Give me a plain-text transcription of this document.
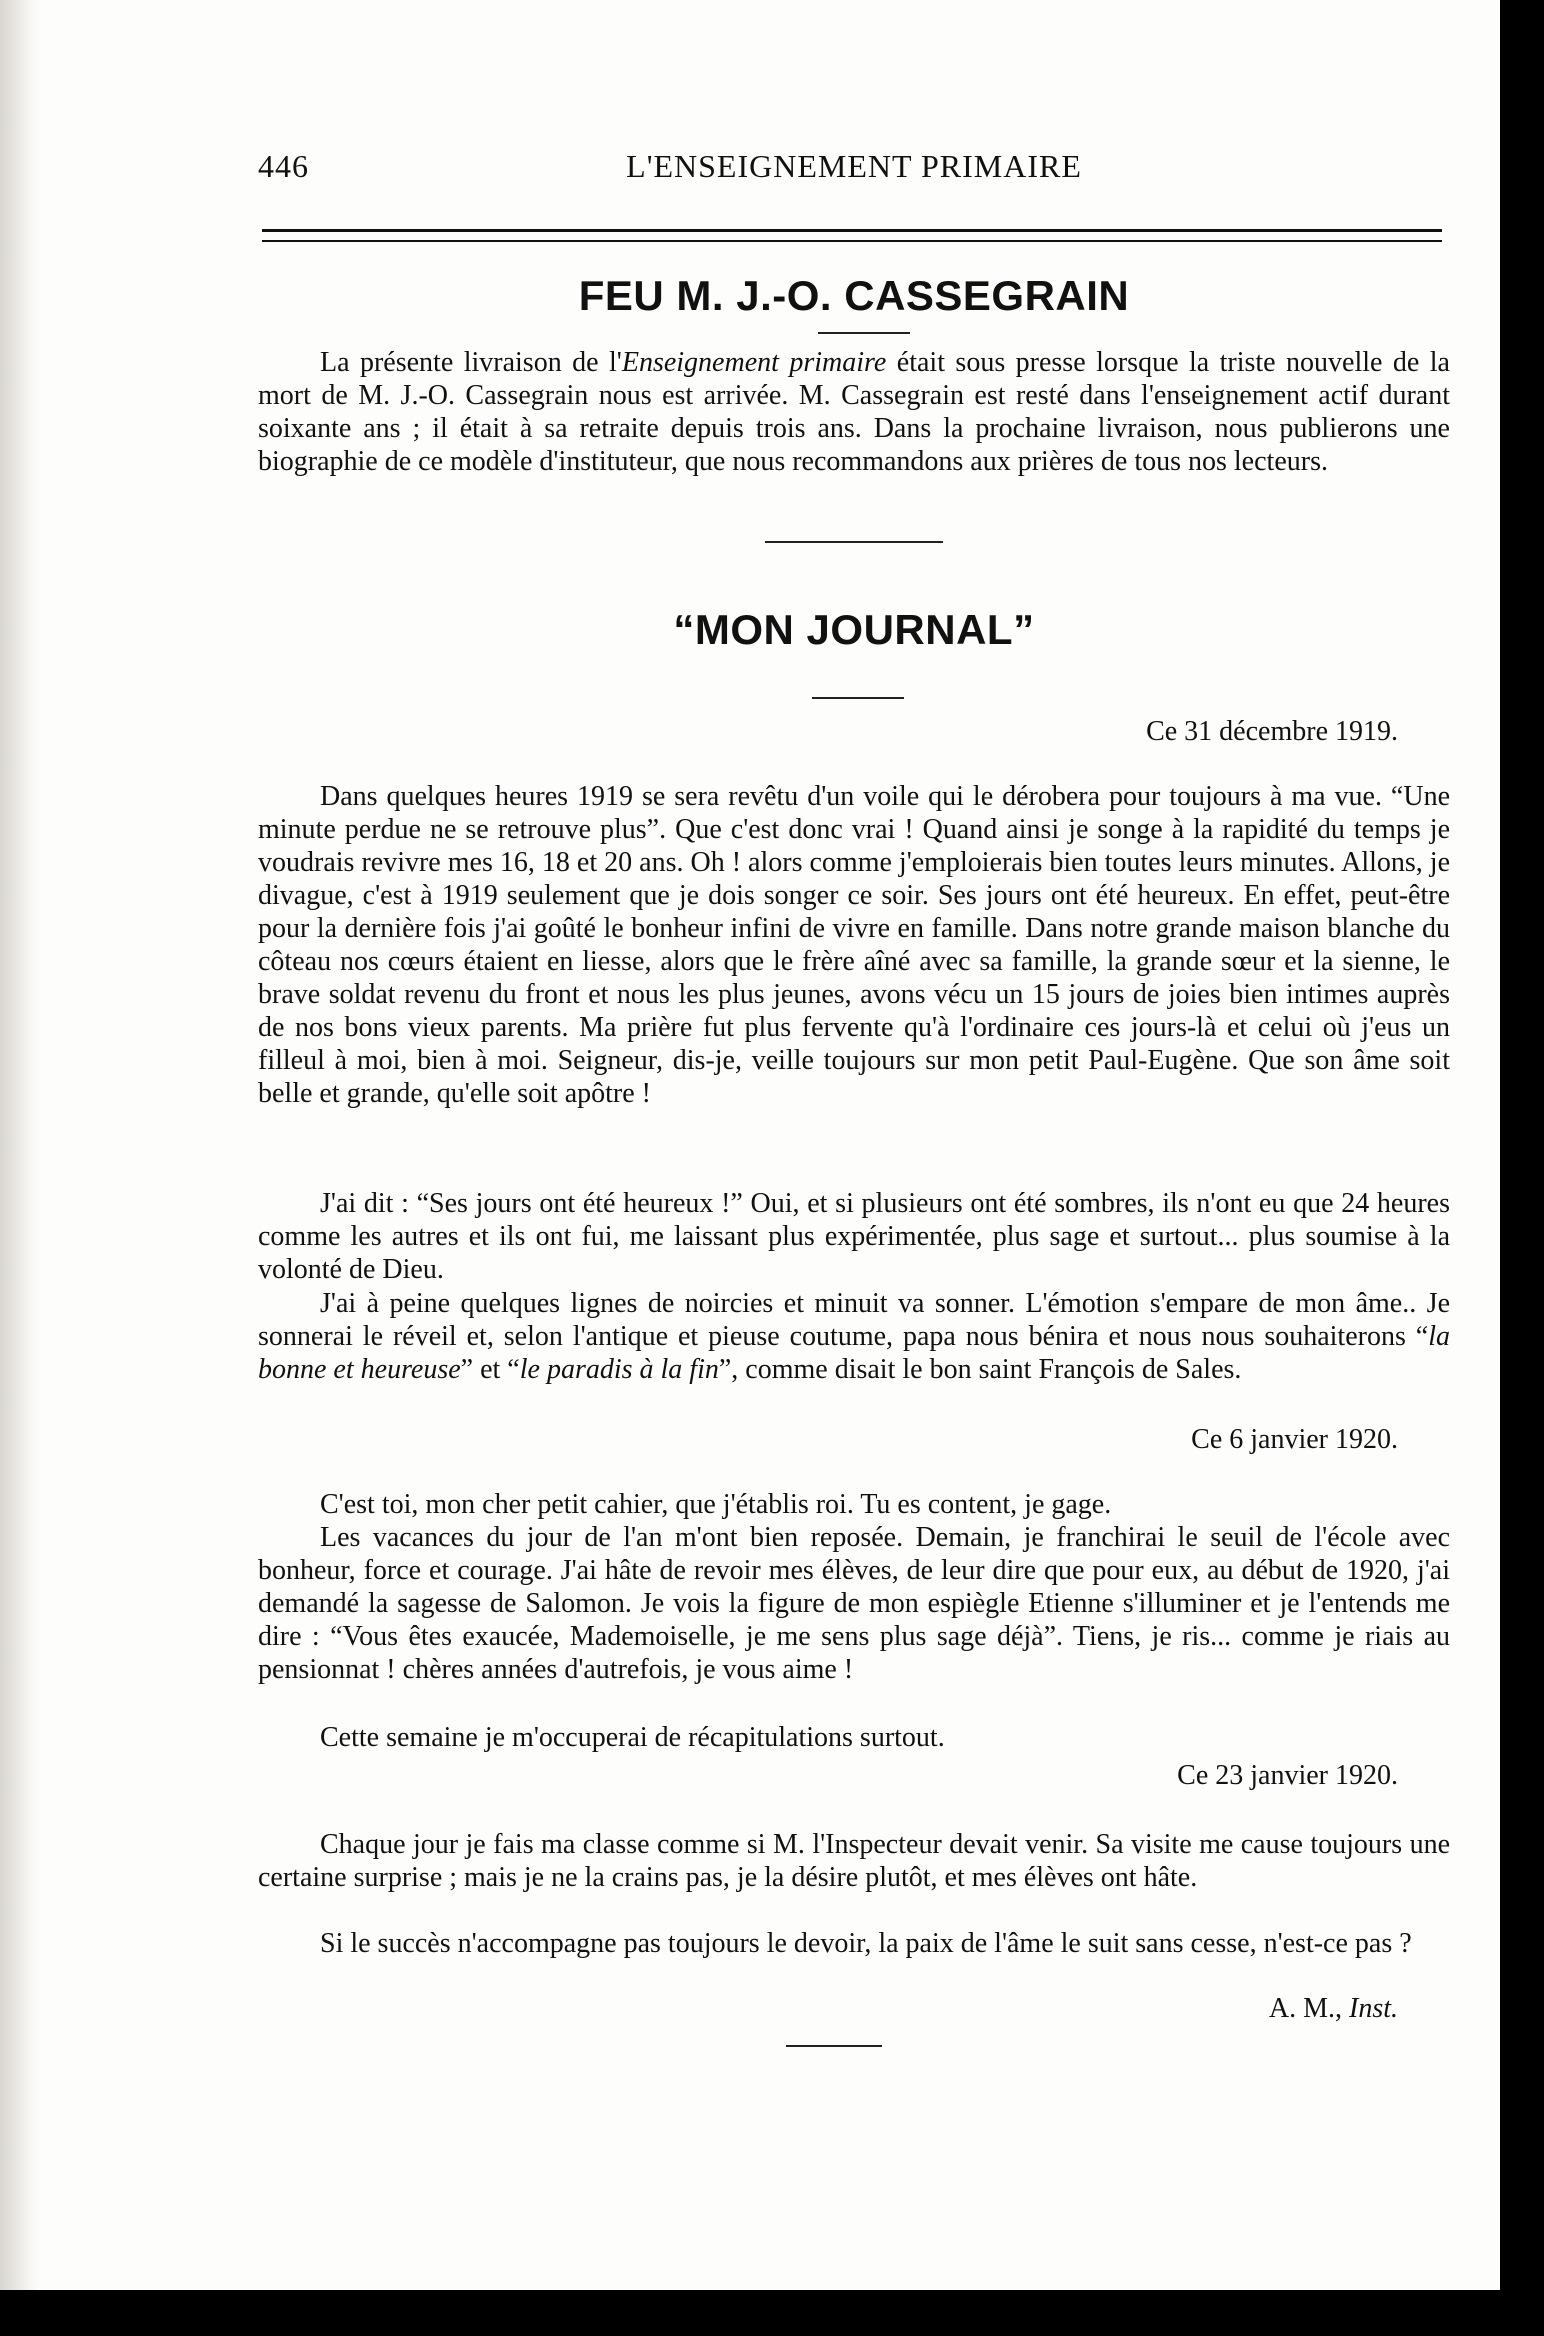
446	L'ENSEIGNEMENT PRIMAIRE
FEU M. J.-O. CASSEGRAIN

La présente livraison de l'Enseignement primaire était sous presse lorsque la triste nouvelle de la mort de M. J.-O. Cassegrain nous est arrivée. M. Cassegrain est resté dans l'enseignement actif durant soixante ans ; il était à sa retraite depuis trois ans. Dans la prochaine livraison, nous publierons une biographie de ce modèle d'instituteur, que nous recommandons aux prières de tous nos lecteurs.

“MON JOURNAL”
Ce 31 décembre 1919.

Dans quelques heures 1919 se sera revêtu d'un voile qui le dérobera pour toujours à ma vue. “Une minute perdue ne se retrouve plus”. Que c'est donc vrai ! Quand ainsi je songe à la rapidité du temps je voudrais revivre mes 16, 18 et 20 ans. Oh ! alors comme j'emploierais bien toutes leurs minutes. Allons, je divague, c'est à 1919 seulement que je dois songer ce soir. Ses jours ont été heureux. En effet, peut-être pour la dernière fois j'ai goûté le bonheur infini de vivre en famille. Dans notre grande maison blanche du côteau nos cœurs étaient en liesse, alors que le frère aîné avec sa famille, la grande sœur et la sienne, le brave soldat revenu du front et nous les plus jeunes, avons vécu un 15 jours de joies bien intimes auprès de nos bons vieux parents. Ma prière fut plus fervente qu'à l'ordinaire ces jours-là et celui où j'eus un filleul à moi, bien à moi. Seigneur, dis-je, veille toujours sur mon petit Paul-Eugène. Que son âme soit belle et grande, qu'elle soit apôtre !

J'ai dit : “Ses jours ont été heureux !” Oui, et si plusieurs ont été sombres, ils n'ont eu que 24 heures comme les autres et ils ont fui, me laissant plus expérimentée, plus sage et surtout... plus soumise à la volonté de Dieu.

J'ai à peine quelques lignes de noircies et minuit va sonner. L'émotion s'empare de mon âme.. Je sonnerai le réveil et, selon l'antique et pieuse coutume, papa nous bénira et nous nous souhaiterons “la bonne et heureuse” et “le paradis à la fin”, comme disait le bon saint François de Sales.

Ce 6 janvier 1920.

C'est toi, mon cher petit cahier, que j'établis roi. Tu es content, je gage.

Les vacances du jour de l'an m'ont bien reposée. Demain, je franchirai le seuil de l'école avec bonheur, force et courage. J'ai hâte de revoir mes élèves, de leur dire que pour eux, au début de 1920, j'ai demandé la sagesse de Salomon. Je vois la figure de mon espiègle Etienne s'illuminer et je l'entends me dire : “Vous êtes exaucée, Mademoiselle, je me sens plus sage déjà”. Tiens, je ris... comme je riais au pensionnat ! chères années d'autrefois, je vous aime !

Cette semaine je m'occuperai de récapitulations surtout.

Ce 23 janvier 1920.

Chaque jour je fais ma classe comme si M. l'Inspecteur devait venir. Sa visite me cause toujours une certaine surprise ; mais je ne la crains pas, je la désire plutôt, et mes élèves ont hâte.

Si le succès n'accompagne pas toujours le devoir, la paix de l'âme le suit sans cesse, n'est-ce pas ?

A. M., Inst.
